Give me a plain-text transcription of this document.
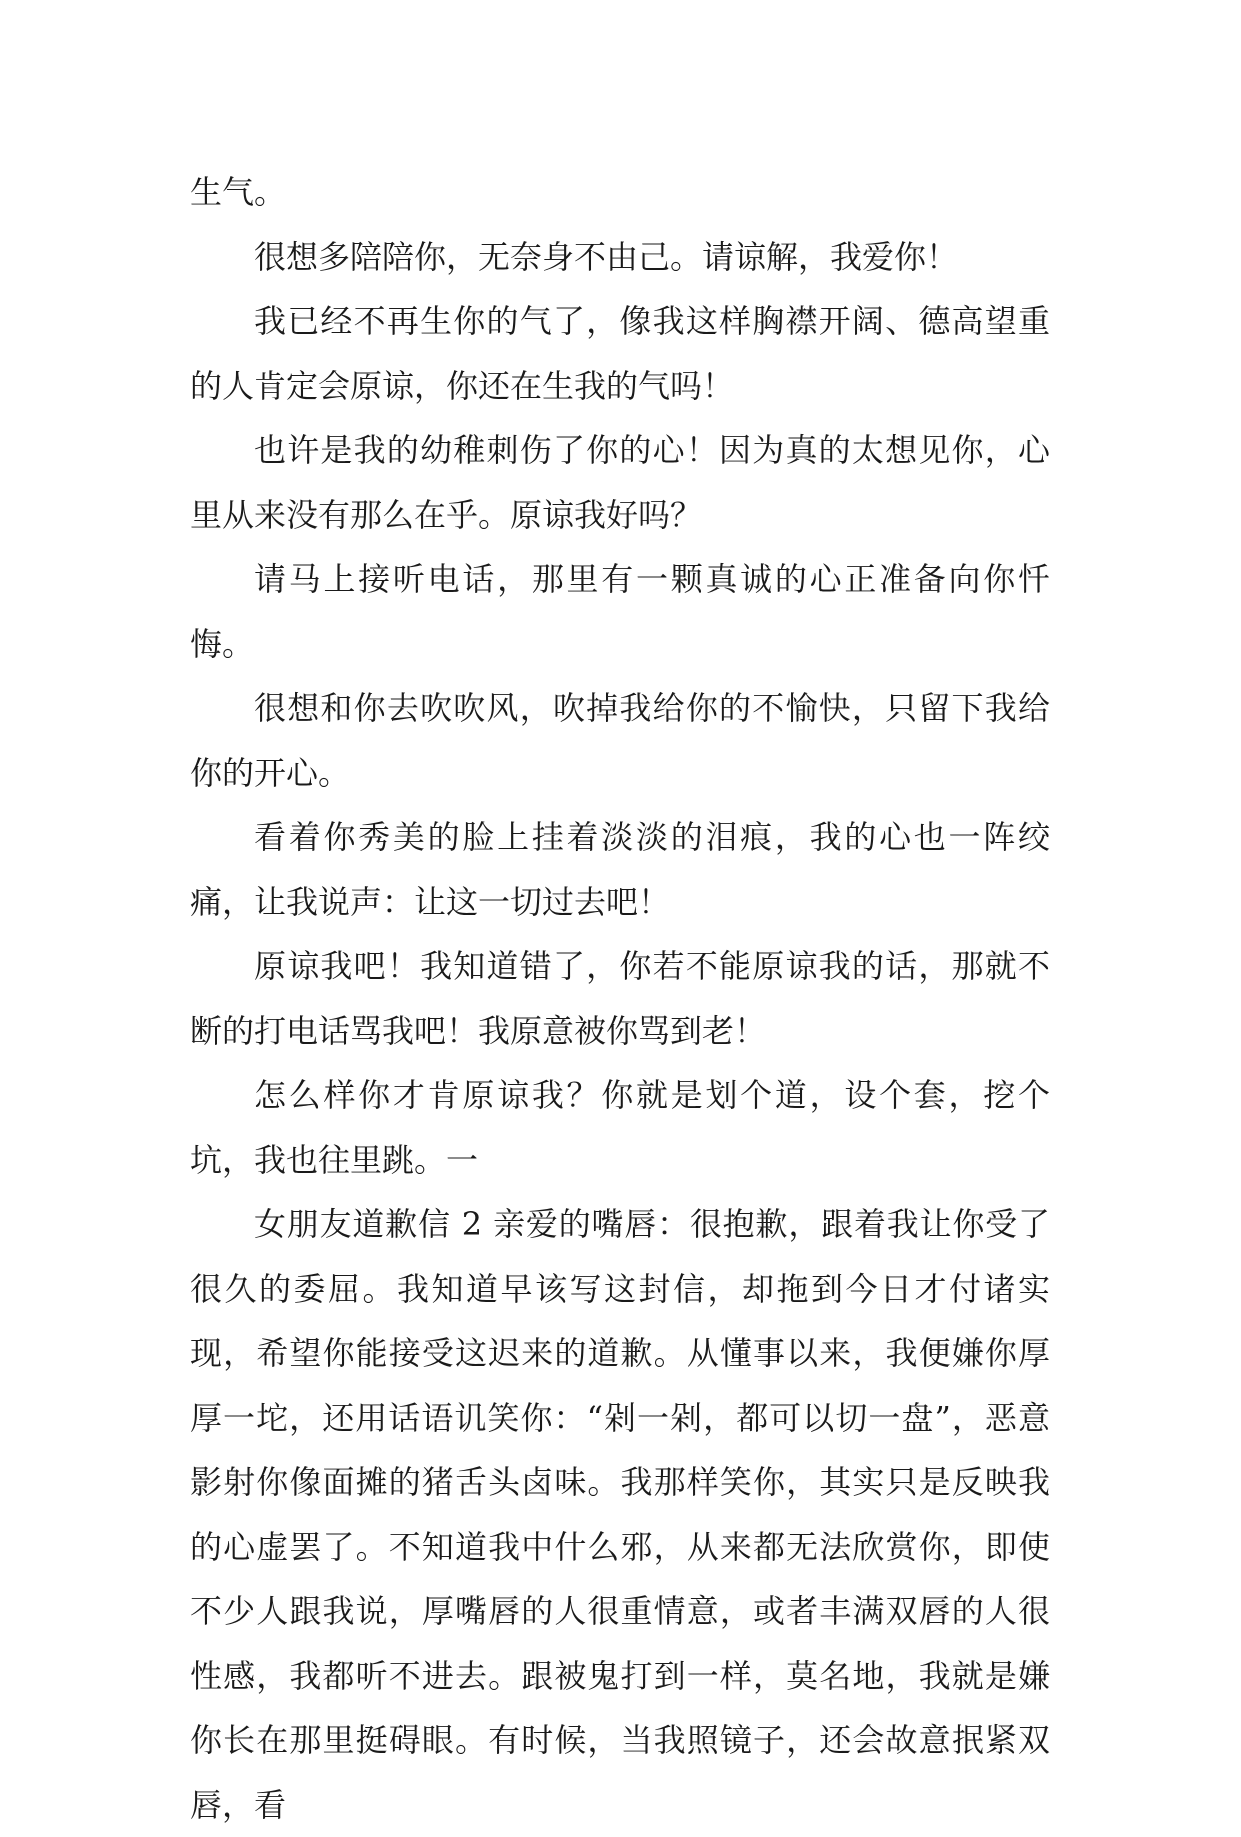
生气。

很想多陪陪你，无奈身不由己。请谅解，我爱你！

我已经不再生你的气了，像我这样胸襟开阔、德高望重的人肯定会原谅，你还在生我的气吗！

也许是我的幼稚刺伤了你的心！因为真的太想见你，心里从来没有那么在乎。原谅我好吗？

请马上接听电话，那里有一颗真诚的心正准备向你忏悔。

很想和你去吹吹风，吹掉我给你的不愉快，只留下我给你的开心。

看着你秀美的脸上挂着淡淡的泪痕，我的心也一阵绞痛，让我说声：让这一切过去吧！

原谅我吧！我知道错了，你若不能原谅我的话，那就不断的打电话骂我吧！我原意被你骂到老！

怎么样你才肯原谅我？你就是划个道，设个套，挖个坑，我也往里跳。一

女朋友道歉信 2 亲爱的嘴唇：很抱歉，跟着我让你受了很久的委屈。我知道早该写这封信，却拖到今日才付诸实现，希望你能接受这迟来的道歉。从懂事以来，我便嫌你厚厚一坨，还用话语讥笑你：“剁一剁，都可以切一盘”，恶意影射你像面摊的猪舌头卤味。我那样笑你，其实只是反映我的心虚罢了。不知道我中什么邪，从来都无法欣赏你，即使不少人跟我说，厚嘴唇的人很重情意，或者丰满双唇的人很性感，我都听不进去。跟被鬼打到一样，莫名地，我就是嫌你长在那里挺碍眼。有时候，当我照镜子，还会故意抿紧双唇，看
